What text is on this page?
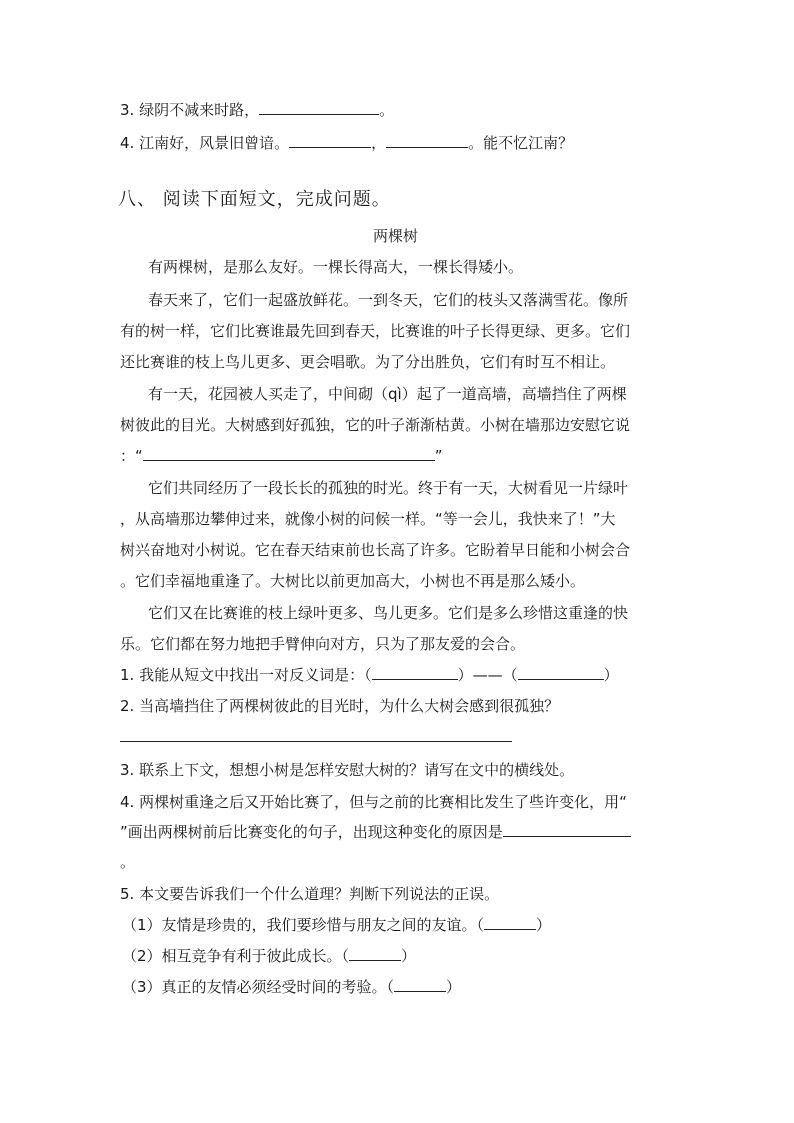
3. 绿阴不减来时路，	。
4. 江南好，风景旧曾谙。	，	。能不忆江南？
八、 阅读下面短文，完成问题。
两棵树
有两棵树，是那么友好。一棵长得高大，一棵长得矮小。
春天来了，它们一起盛放鲜花。一到冬天，它们的枝头又落满雪花。像所
有的树一样，它们比赛谁最先回到春天，比赛谁的叶子长得更绿、更多。它们
还比赛谁的枝上鸟儿更多、更会唱歌。为了分出胜负，它们有时互不相让。
有一天，花园被人买走了，中间砌（qì）起了一道高墙，高墙挡住了两棵
树彼此的目光。大树感到好孤独，它的叶子渐渐枯黄。小树在墙那边安慰它说
：“	”
它们共同经历了一段长长的孤独的时光。终于有一天，大树看见一片绿叶
，从高墙那边攀伸过来，就像小树的问候一样。“等一会儿，我快来了！”大
树兴奋地对小树说。它在春天结束前也长高了许多。它盼着早日能和小树会合
。它们幸福地重逢了。大树比以前更加高大，小树也不再是那么矮小。
它们又在比赛谁的枝上绿叶更多、鸟儿更多。它们是多么珍惜这重逢的快
乐。它们都在努力地把手臂伸向对方，只为了那友爱的会合。
1. 我能从短文中找出一对反义词是：（	）——（	）
2. 当高墙挡住了两棵树彼此的目光时，为什么大树会感到很孤独？
3. 联系上下文，想想小树是怎样安慰大树的？请写在文中的横线处。
4. 两棵树重逢之后又开始比赛了，但与之前的比赛相比发生了些许变化，用“
”画出两棵树前后比赛变化的句子，出现这种变化的原因是
。
5. 本文要告诉我们一个什么道理？判断下列说法的正误。
（1）友情是珍贵的，我们要珍惜与朋友之间的友谊。（	）
（2）相互竞争有利于彼此成长。（	）
（3）真正的友情必须经受时间的考验。（	）
